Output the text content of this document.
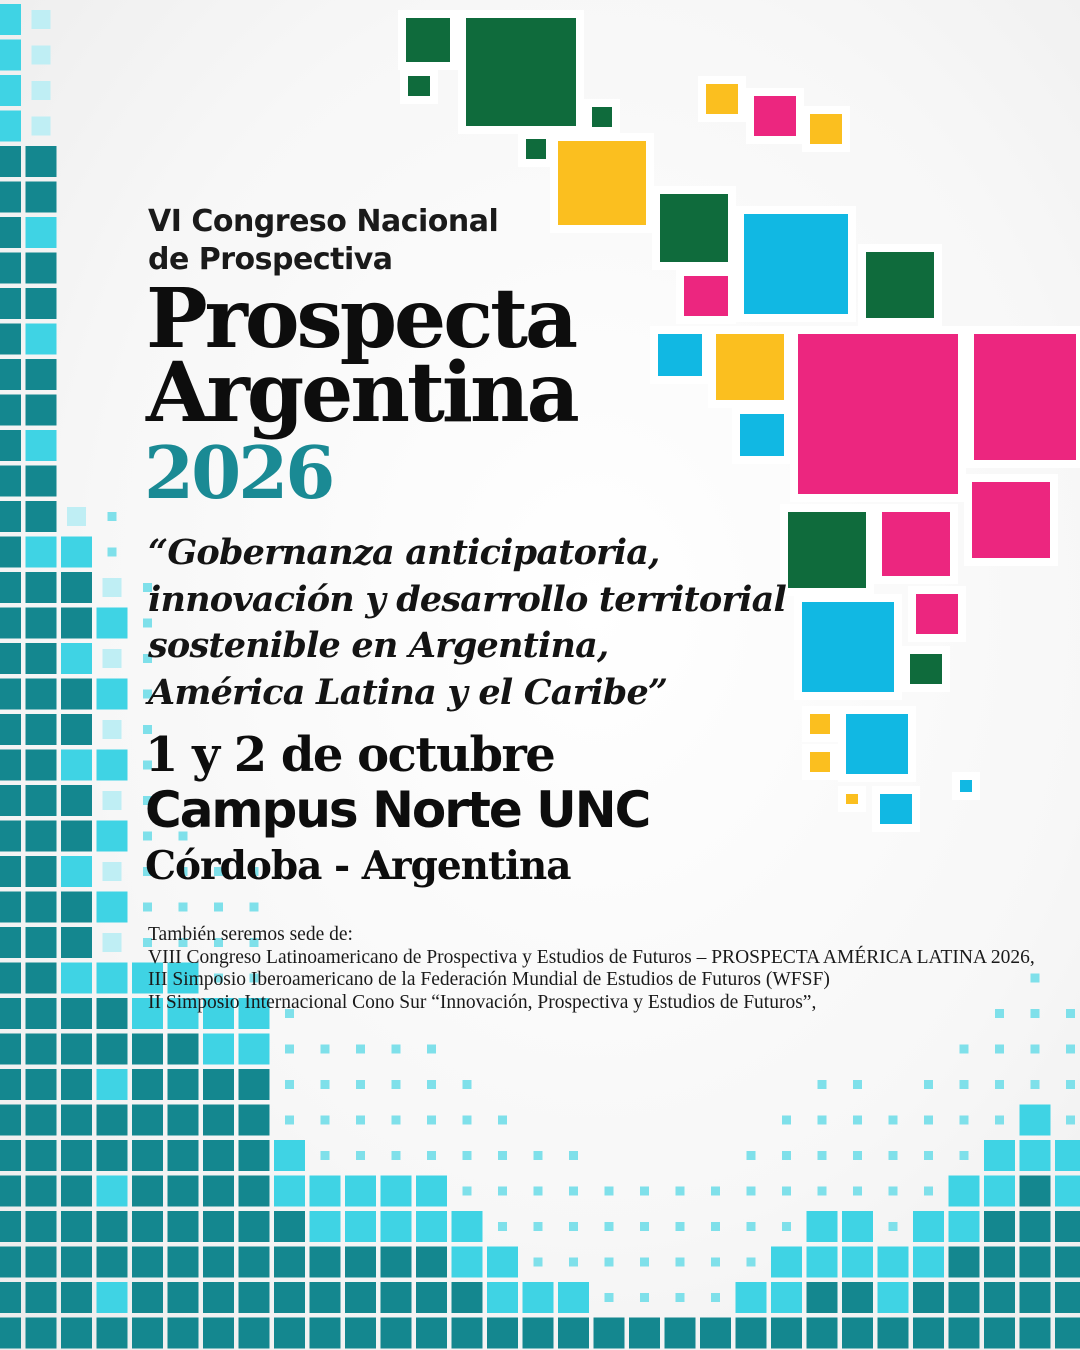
VI Congreso Nacional
de Prospectiva
Prospecta
Argentina
2026
“Gobernanza anticipatoria,
innovación y desarrollo territorial
sostenible en Argentina,
América Latina y el Caribe”
1 y 2 de octubre
Campus Norte UNC
Córdoba - Argentina
También seremos sede de:
VIII Congreso Latinoamericano de Prospectiva y Estudios de Futuros – PROSPECTA AMÉRICA LATINA 2026,
III Simposio Iberoamericano de la Federación Mundial de Estudios de Futuros (WFSF)
II Simposio Internacional Cono Sur “Innovación, Prospectiva y Estudios de Futuros”,
